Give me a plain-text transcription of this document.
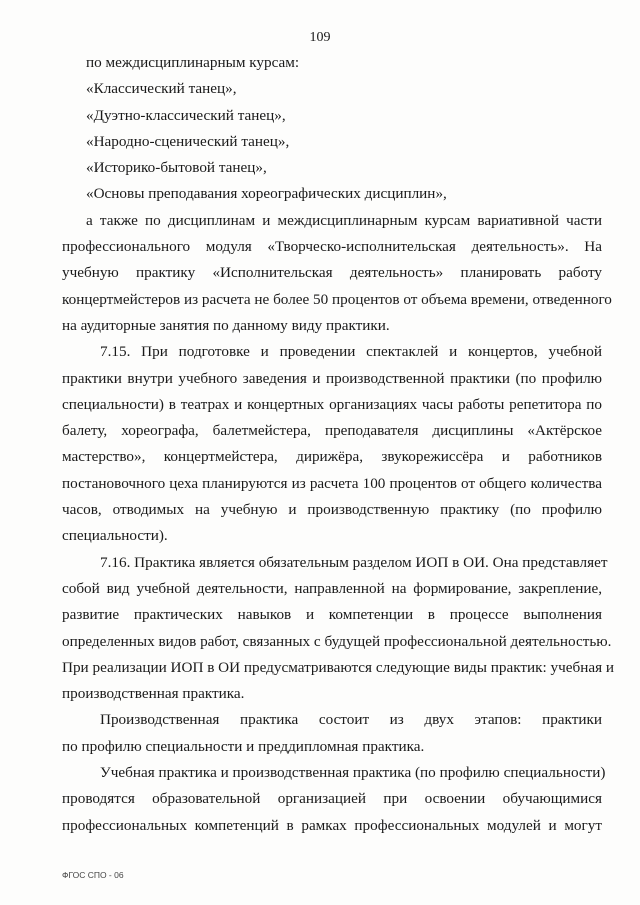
109
по междисциплинарным курсам:
«Классический танец»,
«Дуэтно-классический танец»,
«Народно-сценический танец»,
«Историко-бытовой танец»,
«Основы преподавания хореографических дисциплин»,
а также по дисциплинам и междисциплинарным курсам вариативной части
профессионального модуля «Творческо-исполнительская деятельность». На
учебную практику «Исполнительская деятельность» планировать работу
концертмейстеров из расчета не более 50 процентов от объема времени, отведенного
на аудиторные занятия по данному виду практики.
7.15. При подготовке и проведении спектаклей и концертов, учебной
практики внутри учебного заведения и производственной практики (по профилю
специальности) в театрах и концертных организациях часы работы репетитора по
балету, хореографа, балетмейстера, преподавателя дисциплины «Актёрское
мастерство», концертмейстера, дирижёра, звукорежиссёра и работников
постановочного цеха планируются из расчета 100 процентов от общего количества
часов, отводимых на учебную и производственную практику (по профилю
специальности).
7.16. Практика является обязательным разделом ИОП в ОИ. Она представляет
собой вид учебной деятельности, направленной на формирование, закрепление,
развитие практических навыков и компетенции в процессе выполнения
определенных видов работ, связанных с будущей профессиональной деятельностью.
При реализации ИОП в ОИ предусматриваются следующие виды практик: учебная и
производственная практика.
Производственная практика состоит из двух этапов: практики
по профилю специальности и преддипломная практика.
Учебная практика и производственная практика (по профилю специальности)
проводятся образовательной организацией при освоении обучающимися
профессиональных компетенций в рамках профессиональных модулей и могут
ФГОС СПО - 06
